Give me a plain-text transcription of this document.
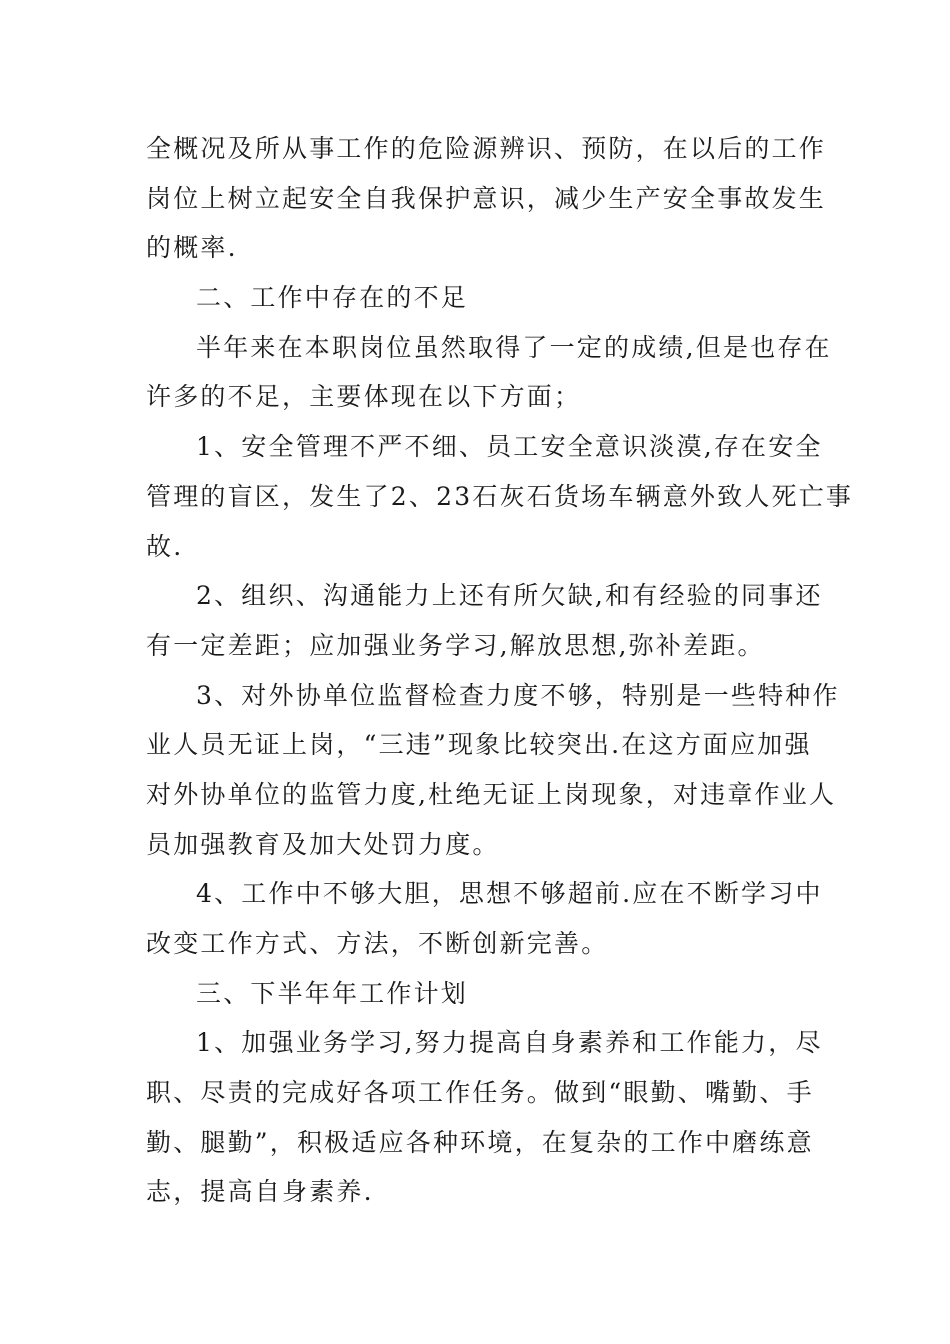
全概况及所从事工作的危险源辨识、预防，在以后的工作
岗位上树立起安全自我保护意识，减少生产安全事故发生
的概率.
二、工作中存在的不足
半年来在本职岗位虽然取得了一定的成绩,但是也存在
许多的不足，主要体现在以下方面；
1、安全管理不严不细、员工安全意识淡漠,存在安全
管理的盲区，发生了2、23石灰石货场车辆意外致人死亡事
故.
2、组织、沟通能力上还有所欠缺,和有经验的同事还
有一定差距；应加强业务学习,解放思想,弥补差距。
3、对外协单位监督检查力度不够，特别是一些特种作
业人员无证上岗，“三违”现象比较突出.在这方面应加强
对外协单位的监管力度,杜绝无证上岗现象，对违章作业人
员加强教育及加大处罚力度。
4、工作中不够大胆，思想不够超前.应在不断学习中
改变工作方式、方法，不断创新完善。
三、下半年年工作计划
1、加强业务学习,努力提高自身素养和工作能力，尽
职、尽责的完成好各项工作任务。做到“眼勤、嘴勤、手
勤、腿勤”，积极适应各种环境，在复杂的工作中磨练意
志，提高自身素养.
